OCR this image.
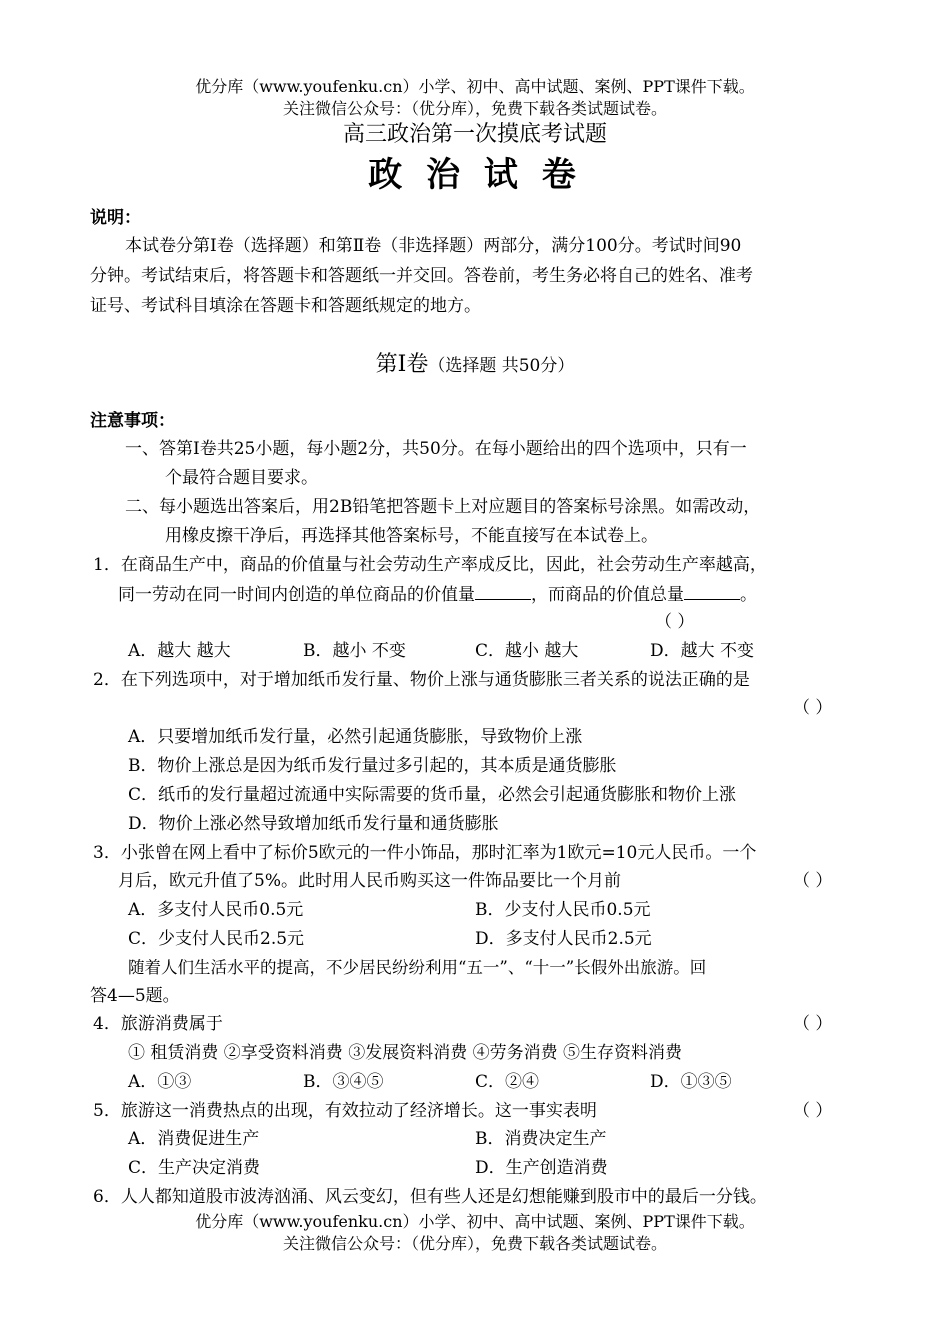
优分库（www.youfenku.cn）小学、初中、高中试题、案例、PPT课件下载。
关注微信公众号：（优分库），免费下载各类试题试卷。
高三政治第一次摸底考试题
政 治 试 卷
说明：
本试卷分第Ⅰ卷（选择题）和第Ⅱ卷（非选择题）两部分，满分100分。考试时间90
分钟。考试结束后，将答题卡和答题纸一并交回。答卷前，考生务必将自己的姓名、准考
证号、考试科目填涂在答题卡和答题纸规定的地方。
第Ⅰ卷（选择题 共50分）
注意事项：
一、答第Ⅰ卷共25小题，每小题2分，共50分。在每小题给出的四个选项中，只有一
个最符合题目要求。
二、每小题选出答案后，用2B铅笔把答题卡上对应题目的答案标号涂黑。如需改动，
用橡皮擦干净后，再选择其他答案标号，不能直接写在本试卷上。
1．在商品生产中，商品的价值量与社会劳动生产率成反比，因此，社会劳动生产率越高，
同一劳动在同一时间内创造的单位商品的价值量	，而商品的价值总量	。
（ ）
A．越大 越大	B．越小 不变	C．越小 越大	D．越大 不变
2．在下列选项中，对于增加纸币发行量、物价上涨与通货膨胀三者关系的说法正确的是
（ ）
A．只要增加纸币发行量，必然引起通货膨胀，导致物价上涨
B．物价上涨总是因为纸币发行量过多引起的，其本质是通货膨胀
C．纸币的发行量超过流通中实际需要的货币量，必然会引起通货膨胀和物价上涨
D．物价上涨必然导致增加纸币发行量和通货膨胀
3．小张曾在网上看中了标价5欧元的一件小饰品，那时汇率为1欧元=10元人民币。一个
月后，欧元升值了5%。此时用人民币购买这一件饰品要比一个月前	（ ）
A．多支付人民币0.5元	B．少支付人民币0.5元
C．少支付人民币2.5元	D．多支付人民币2.5元
随着人们生活水平的提高，不少居民纷纷利用“五一”、“十一”长假外出旅游。回
答4—5题。
4．旅游消费属于	（ ）
① 租赁消费 ②享受资料消费 ③发展资料消费 ④劳务消费 ⑤生存资料消费
A．①③	B．③④⑤	C．②④	D．①③⑤
5．旅游这一消费热点的出现，有效拉动了经济增长。这一事实表明	（ ）
A．消费促进生产	B．消费决定生产
C．生产决定消费	D．生产创造消费
6．人人都知道股市波涛汹涌、风云变幻，但有些人还是幻想能赚到股市中的最后一分钱。
优分库（www.youfenku.cn）小学、初中、高中试题、案例、PPT课件下载。
关注微信公众号：（优分库），免费下载各类试题试卷。
